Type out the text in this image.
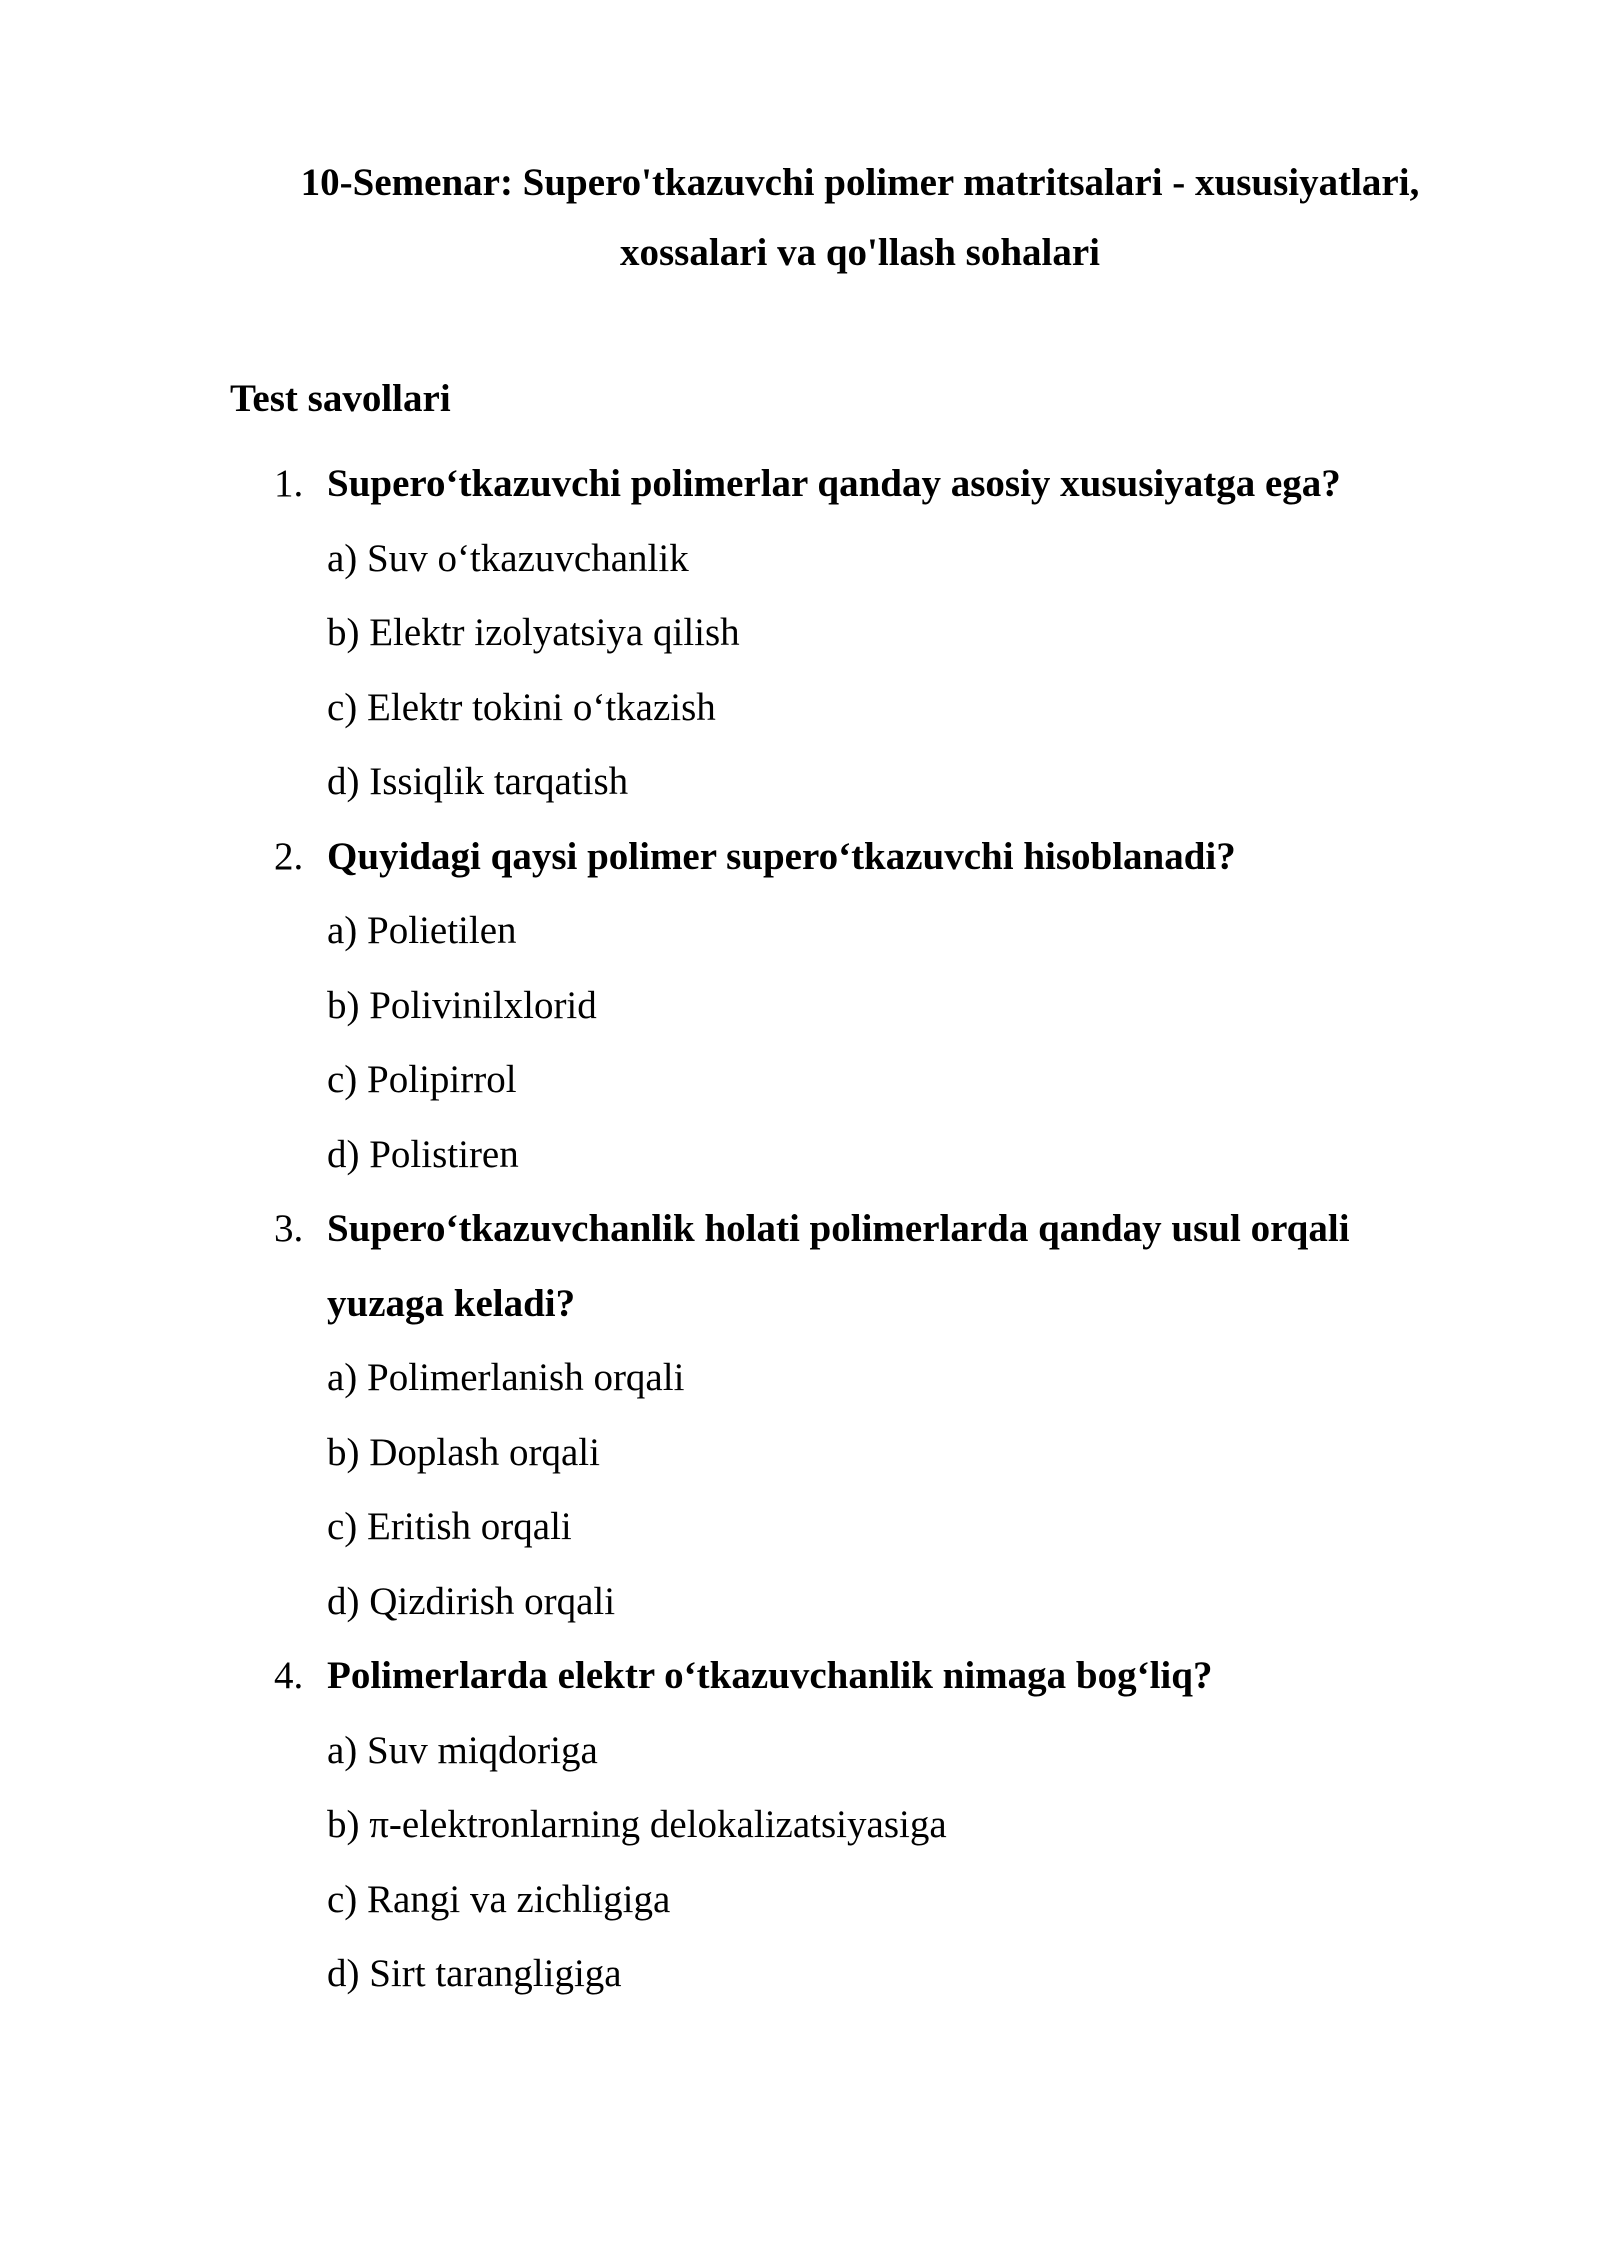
10-Semenar: Supero'tkazuvchi polimer matritsalari - xususiyatlari,
xossalari va qo'llash sohalari
Test savollari
1. Supero‘tkazuvchi polimerlar qanday asosiy xususiyatga ega?
a) Suv o‘tkazuvchanlik
b) Elektr izolyatsiya qilish
c) Elektr tokini o‘tkazish
d) Issiqlik tarqatish
2. Quyidagi qaysi polimer supero‘tkazuvchi hisoblanadi?
a) Polietilen
b) Polivinilxlorid
c) Polipirrol
d) Polistiren
3. Supero‘tkazuvchanlik holati polimerlarda qanday usul orqali
yuzaga keladi?
a) Polimerlanish orqali
b) Doplash orqali
c) Eritish orqali
d) Qizdirish orqali
4. Polimerlarda elektr o‘tkazuvchanlik nimaga bog‘liq?
a) Suv miqdoriga
b) π-elektronlarning delokalizatsiyasiga
c) Rangi va zichligiga
d) Sirt tarangligiga
